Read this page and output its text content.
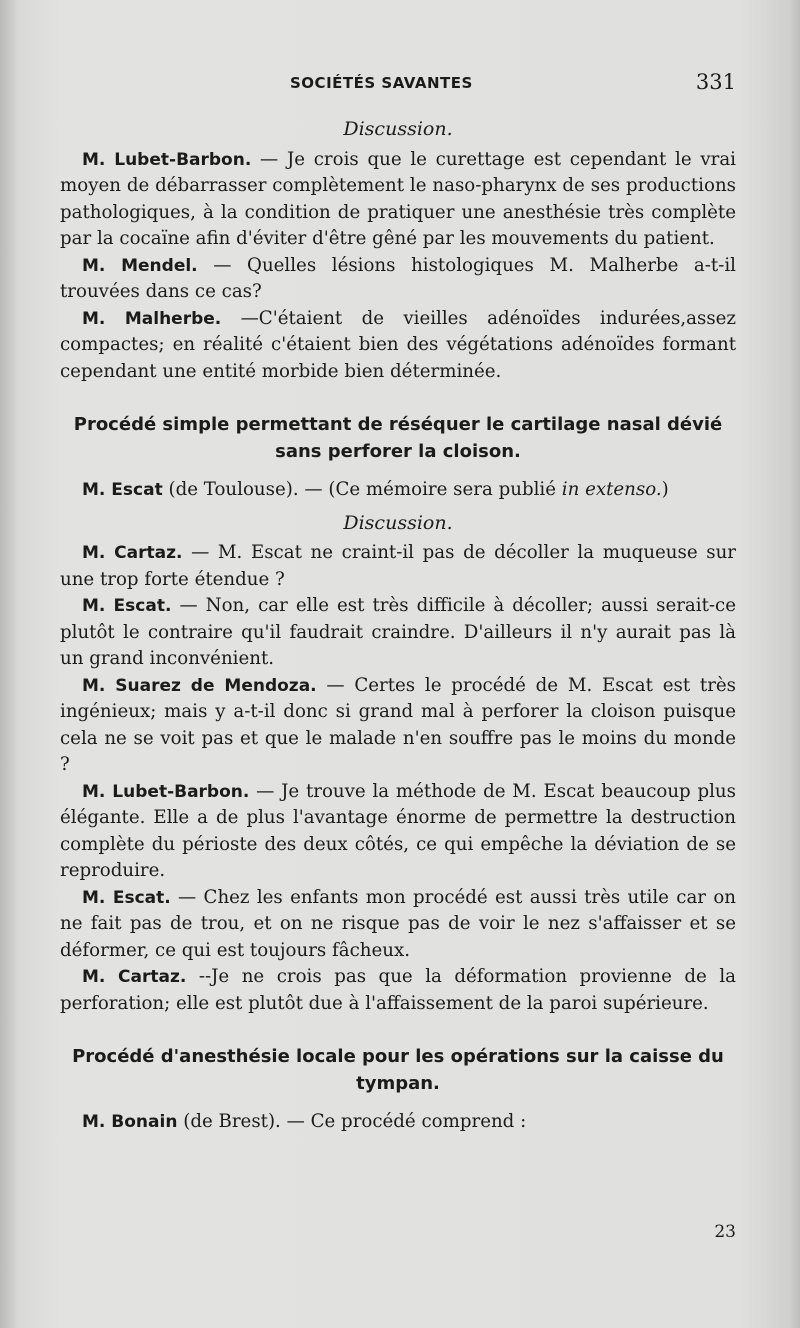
SOCIÉTÉS SAVANTES	331
Discussion.

M. Lubet-Barbon. — Je crois que le curettage est cependant le vrai moyen de débarrasser complètement le naso-pharynx de ses productions pathologiques, à la condition de pratiquer une anesthésie très complète par la cocaïne afin d'éviter d'être gêné par les mouvements du patient.

M. Mendel. — Quelles lésions histologiques M. Malherbe a-t-il trouvées dans ce cas?

M. Malherbe. —C'étaient de vieilles adénoïdes indurées,assez compactes; en réalité c'étaient bien des végétations adénoïdes formant cependant une entité morbide bien déterminée.

Procédé simple permettant de réséquer le cartilage nasal dévié sans perforer la cloison.

M. Escat (de Toulouse). — (Ce mémoire sera publié in extenso.)

Discussion.

M. Cartaz. — M. Escat ne craint-il pas de décoller la muqueuse sur une trop forte étendue ?

M. Escat. — Non, car elle est très difficile à décoller; aussi serait-ce plutôt le contraire qu'il faudrait craindre. D'ailleurs il n'y aurait pas là un grand inconvénient.

M. Suarez de Mendoza. — Certes le procédé de M. Escat est très ingénieux; mais y a-t-il donc si grand mal à perforer la cloison puisque cela ne se voit pas et que le malade n'en souffre pas le moins du monde ?

M. Lubet-Barbon. — Je trouve la méthode de M. Escat beaucoup plus élégante. Elle a de plus l'avantage énorme de permettre la destruction complète du périoste des deux côtés, ce qui empêche la déviation de se reproduire.

M. Escat. — Chez les enfants mon procédé est aussi très utile car on ne fait pas de trou, et on ne risque pas de voir le nez s'affaisser et se déformer, ce qui est toujours fâcheux.

M. Cartaz. --Je ne crois pas que la déformation provienne de la perforation; elle est plutôt due à l'affaissement de la paroi supérieure.

Procédé d'anesthésie locale pour les opérations sur la caisse du tympan.

M. Bonain (de Brest). — Ce procédé comprend :

23
